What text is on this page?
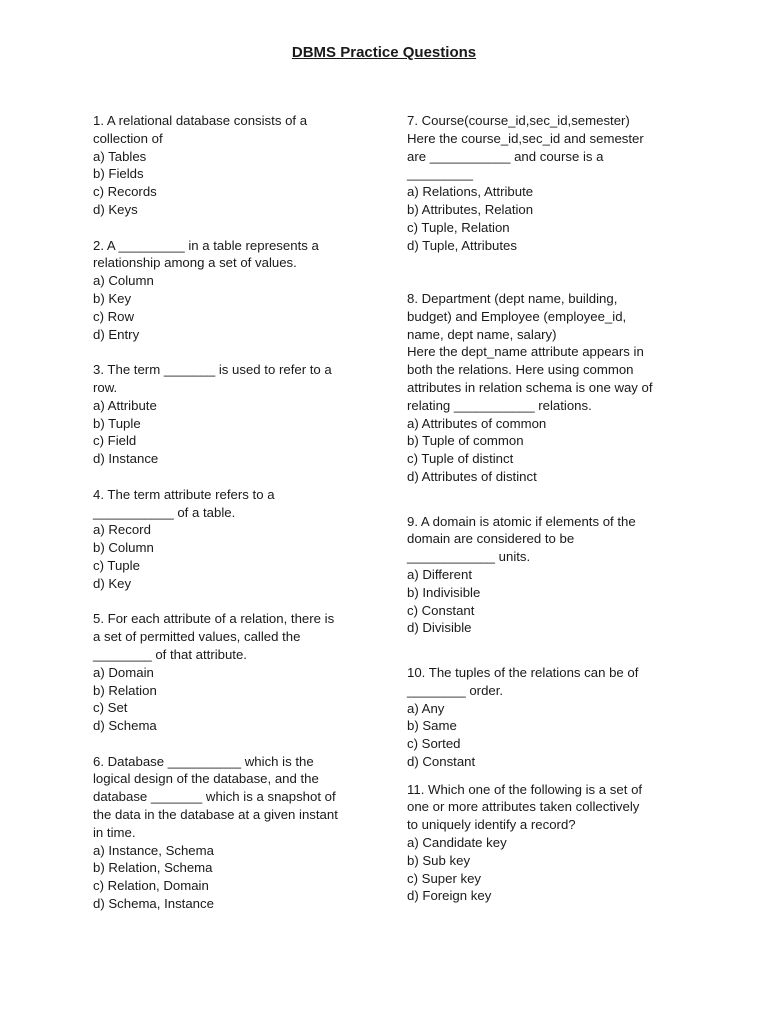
DBMS Practice Questions
1. A relational database consists of a
collection of
a) Tables
b) Fields
c) Records
d) Keys
2. A _________ in a table represents a
relationship among a set of values.
a) Column
b) Key
c) Row
d) Entry
3. The term _______ is used to refer to a
row.
a) Attribute
b) Tuple
c) Field
d) Instance
4. The term attribute refers to a
___________ of a table.
a) Record
b) Column
c) Tuple
d) Key
5. For each attribute of a relation, there is
a set of permitted values, called the
________ of that attribute.
a) Domain
b) Relation
c) Set
d) Schema
6. Database __________ which is the
logical design of the database, and the
database _______ which is a snapshot of
the data in the database at a given instant
in time.
a) Instance, Schema
b) Relation, Schema
c) Relation, Domain
d) Schema, Instance
7. Course(course_id,sec_id,semester)
Here the course_id,sec_id and semester
are ___________ and course is a
_________
a) Relations, Attribute
b) Attributes, Relation
c) Tuple, Relation
d) Tuple, Attributes
8. Department (dept name, building,
budget) and Employee (employee_id,
name, dept name, salary)
Here the dept_name attribute appears in
both the relations. Here using common
attributes in relation schema is one way of
relating ___________ relations.
a) Attributes of common
b) Tuple of common
c) Tuple of distinct
d) Attributes of distinct
9. A domain is atomic if elements of the
domain are considered to be
____________ units.
a) Different
b) Indivisible
c) Constant
d) Divisible
10. The tuples of the relations can be of
________ order.
a) Any
b) Same
c) Sorted
d) Constant
11. Which one of the following is a set of
one or more attributes taken collectively
to uniquely identify a record?
a) Candidate key
b) Sub key
c) Super key
d) Foreign key
